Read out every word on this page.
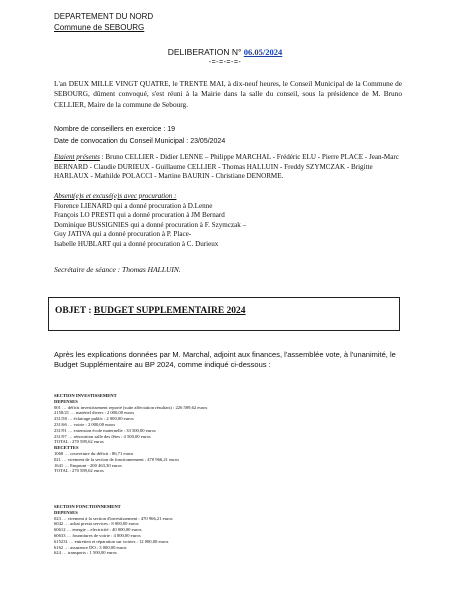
DEPARTEMENT DU NORD
Commune de SEBOURG
DELIBERATION N° 06.05/2024
-=-=-=-=-
L'an DEUX MILLE VINGT QUATRE, le TRENTE MAI, à dix-neuf heures, le Conseil Municipal de la Commune de SEBOURG, dûment convoqué, s'est réuni à la Mairie dans la salle du conseil, sous la présidence de M. Bruno CELLIER, Maire de la commune de Sebourg.
Nombre de conseillers en exercice : 19
Date de convocation du Conseil Municipal : 23/05/2024
Etaient présents : Bruno CELLIER - Didier LENNE – Philippe MARCHAL - Frédéric ELU - Pierre PLACE - Jean-Marc BERNARD - Claudie DURIEUX - Guillaume CELLIER - Thomas HALLUIN - Freddy SZYMCZAK - Brigitte HARLAUX - Mathilde POLACCI - Martine BAURIN - Christiane DENORME.
Absent(e)s et excusé(e)s avec procuration :
Florence LIENARD qui a donné procuration à D.Lenne
François LO PRESTI qui a donné procuration à JM Bernard
Dominique BUSSIGNIES qui a donné procuration à F. Szymczak –
Guy JATIVA qui a donné procuration à P. Place-
Isabelle HUBLART qui a donné procuration à C. Durieux
Secrétaire de séance : Thomas HALLUIN.
OBJET : BUDGET SUPPLEMENTAIRE 2024
Après les explications données par M. Marchal, adjoint aux finances, l'assemblée vote, à l'unanimité, le Budget Supplémentaire au BP 2024, comme indiqué ci-dessous :
SECTION INVESTISSEMENT
DEPENSES
001 … déficit investissement reporté (suite affectation résultats) : 226 589,62 euros
2158/21 … matériel divers : 2 000,00 euros
231/58 … éclairage public : 2 000,00 euros
231/66 … voirie : 2 000,00 euros
231/91 … extension école maternelle : 33 500,00 euros
231/97 … rénovation salle des fêtes : 4 500,00 euros
TOTAL : 270 589,62 euros
RECETTES
1068 … couverture du déficit : 86,71 euros
021 … virement de la section de fonctionnement : 470 966,21 euros
1641 … Emprunt - 200 463,30 euros
TOTAL : 270 589,62 euros
SECTION FONCTIONNEMENT
DEPENSES
023 … virement à la section d'investissement : 470 966,21 euros
6042 … achat presta services : 8 000,00 euros
60612 … energie – electricité : 40 000,00 euros
60633 … fournitures de voirie : 4 000,00 euros
615231 … entretien et réparation sur voiries : 12 000,00 euros
6162 … assurance DO : 3 000,00 euros
624 … transports : 1 500,00 euros
